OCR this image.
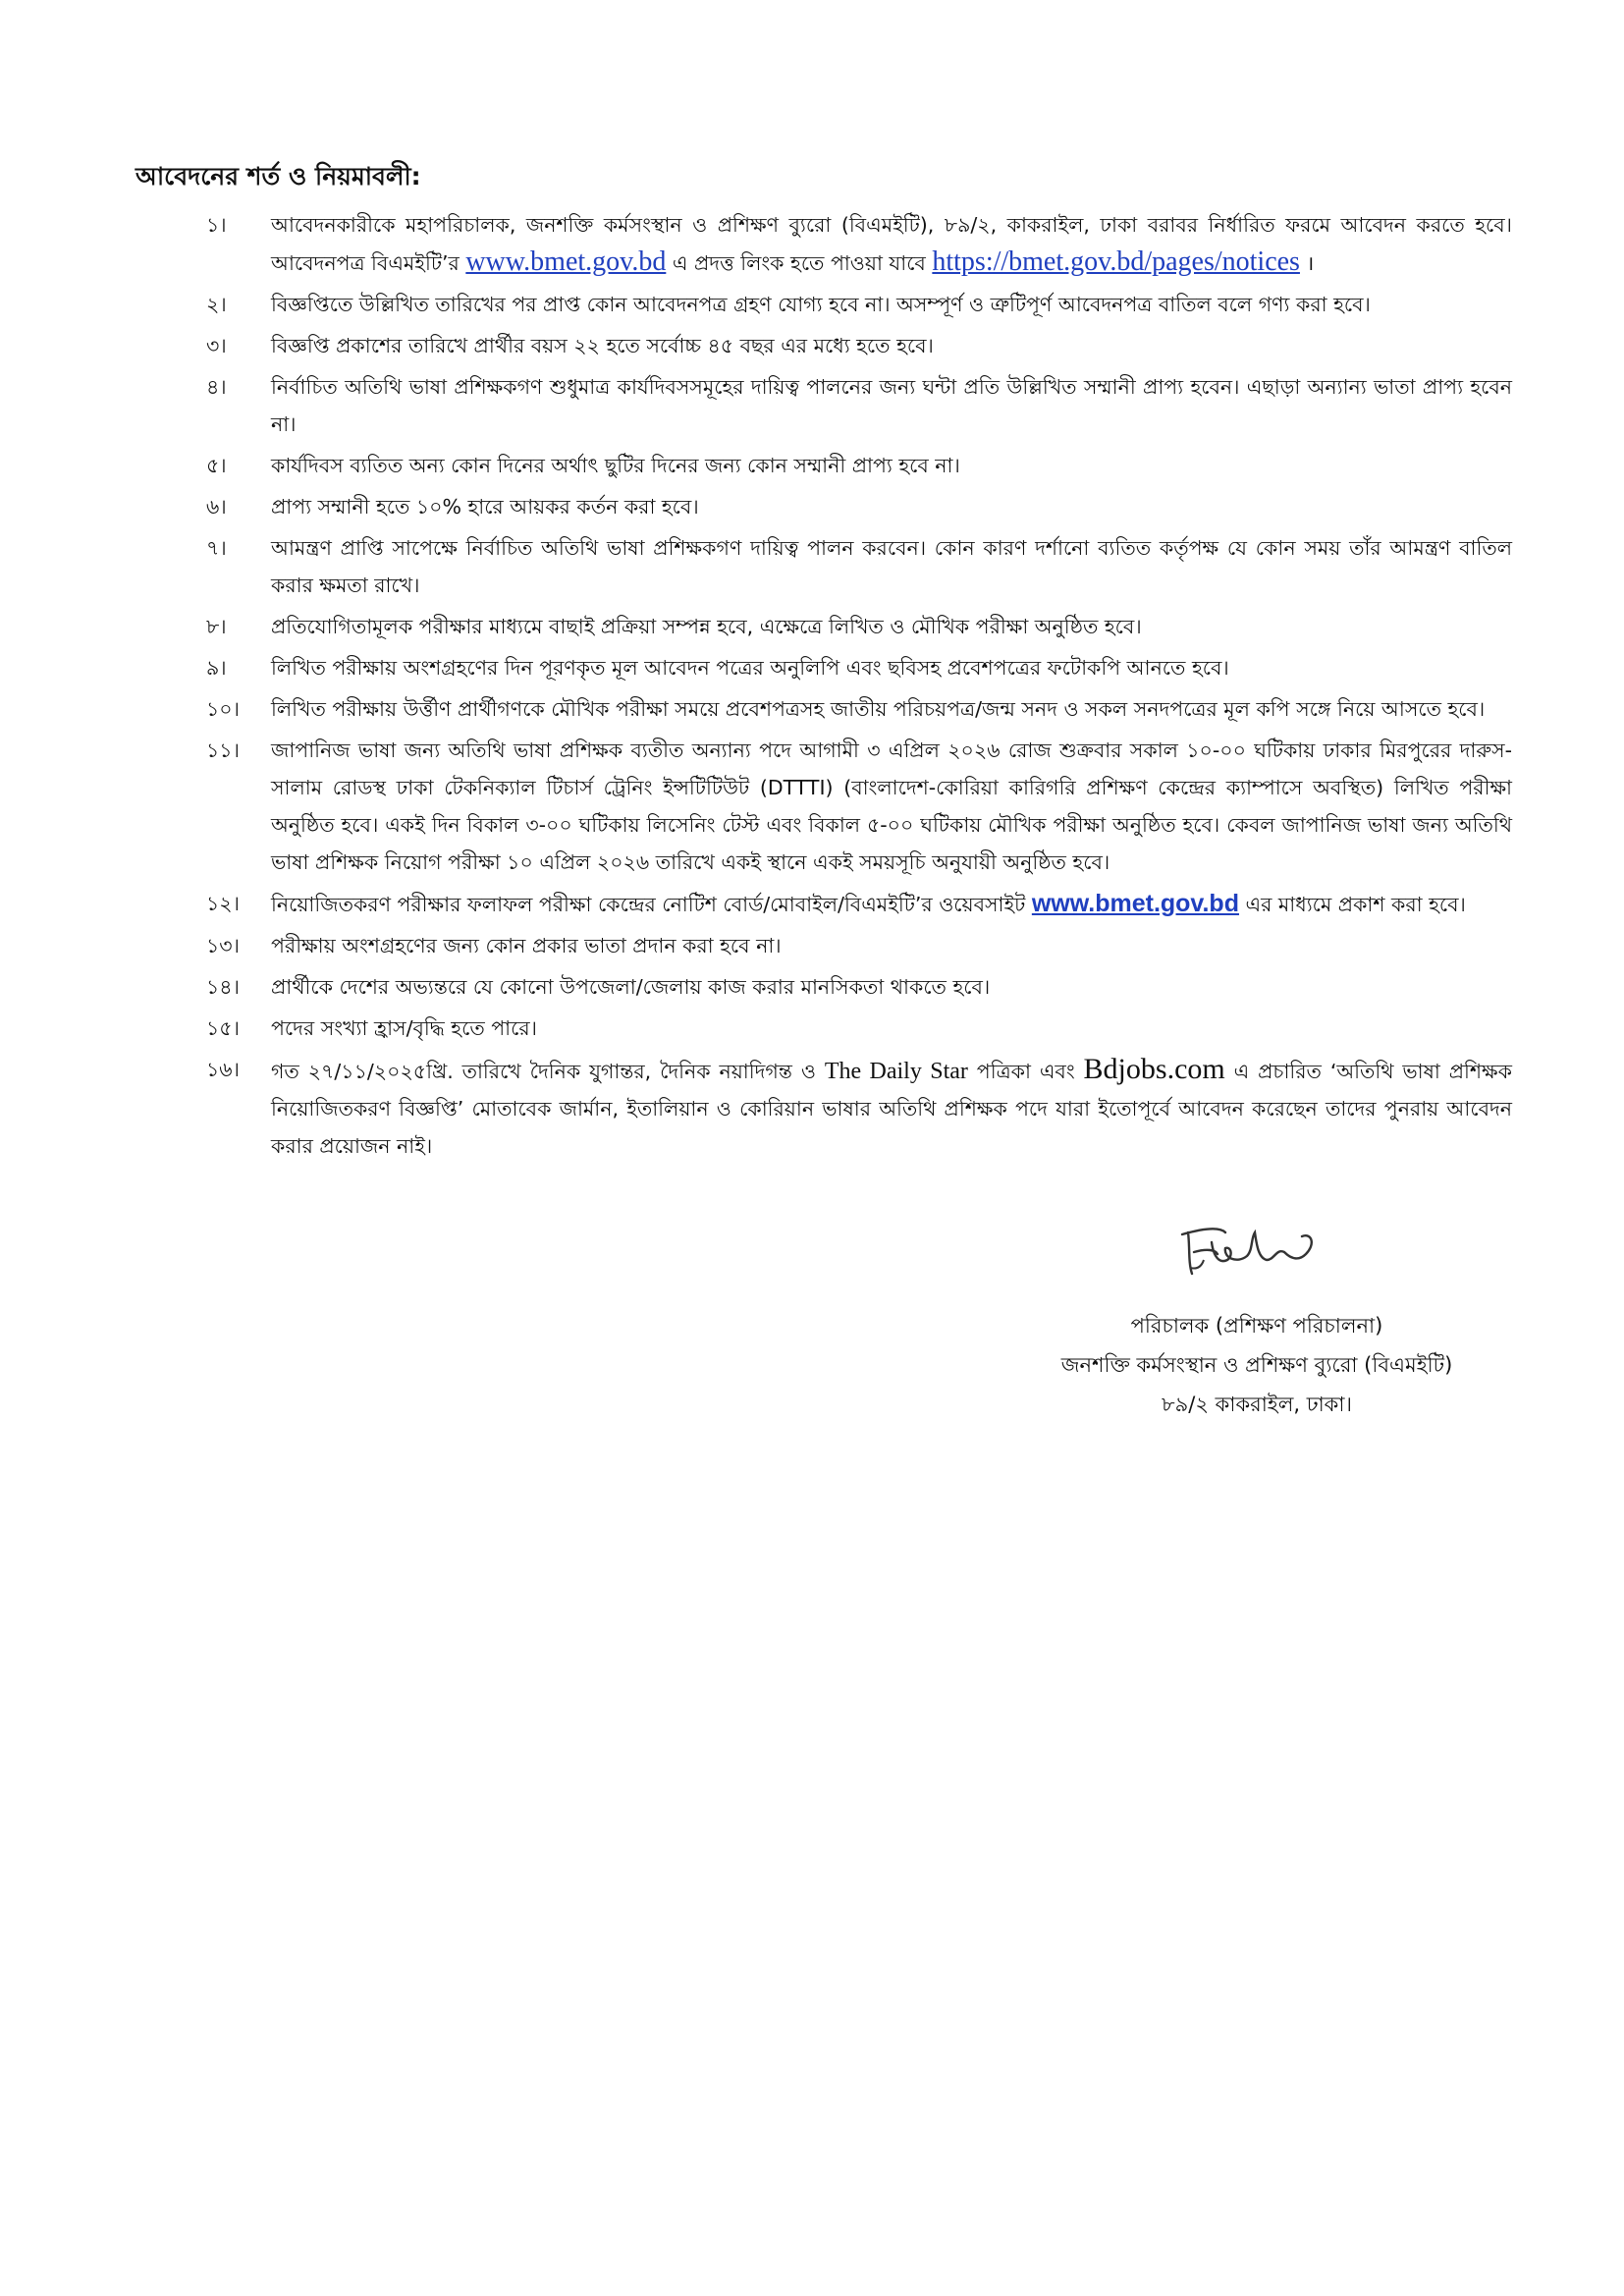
আবেদনের শর্ত ও নিয়মাবলী:
১।	আবেদনকারীকে মহাপরিচালক, জনশক্তি কর্মসংস্থান ও প্রশিক্ষণ ব্যুরো (বিএমইটি), ৮৯/২, কাকরাইল, ঢাকা বরাবর নির্ধারিত ফরমে আবেদন করতে হবে। আবেদনপত্র বিএমইটি’র www.bmet.gov.bd এ প্রদত্ত লিংক হতে পাওয়া যাবে https://bmet.gov.bd/pages/notices ।
২।	বিজ্ঞপ্তিতে উল্লিখিত তারিখের পর প্রাপ্ত কোন আবেদনপত্র গ্রহণ যোগ্য হবে না। অসম্পূর্ণ ও ত্রুটিপূর্ণ আবেদনপত্র বাতিল বলে গণ্য করা হবে।
৩।	বিজ্ঞপ্তি প্রকাশের তারিখে প্রার্থীর বয়স ২২ হতে সর্বোচ্চ ৪৫ বছর এর মধ্যে হতে হবে।
৪।	নির্বাচিত অতিথি ভাষা প্রশিক্ষকগণ শুধুমাত্র কার্যদিবসসমূহের দায়িত্ব পালনের জন্য ঘন্টা প্রতি উল্লিখিত সম্মানী প্রাপ্য হবেন। এছাড়া অন্যান্য ভাতা প্রাপ্য হবেন না।
৫।	কার্যদিবস ব্যতিত অন্য কোন দিনের অর্থাৎ ছুটির দিনের জন্য কোন সম্মানী প্রাপ্য হবে না।
৬।	প্রাপ্য সম্মানী হতে ১০% হারে আয়কর কর্তন করা হবে।
৭।	আমন্ত্রণ প্রাপ্তি সাপেক্ষে নির্বাচিত অতিথি ভাষা প্রশিক্ষকগণ দায়িত্ব পালন করবেন। কোন কারণ দর্শানো ব্যতিত কর্তৃপক্ষ যে কোন সময় তাঁর আমন্ত্রণ বাতিল করার ক্ষমতা রাখে।
৮।	প্রতিযোগিতামূলক পরীক্ষার মাধ্যমে বাছাই প্রক্রিয়া সম্পন্ন হবে, এক্ষেত্রে লিখিত ও মৌখিক পরীক্ষা অনুষ্ঠিত হবে।
৯।	লিখিত পরীক্ষায় অংশগ্রহণের দিন পূরণকৃত মূল আবেদন পত্রের অনুলিপি এবং ছবিসহ প্রবেশপত্রের ফটোকপি আনতে হবে।
১০।	লিখিত পরীক্ষায় উর্ত্তীণ প্রার্থীগণকে মৌখিক পরীক্ষা সময়ে প্রবেশপত্রসহ জাতীয় পরিচয়পত্র/জন্ম সনদ ও সকল সনদপত্রের মূল কপি সঙ্গে নিয়ে আসতে হবে।
১১।	জাপানিজ ভাষা জন্য অতিথি ভাষা প্রশিক্ষক ব্যতীত অন্যান্য পদে আগামী ৩ এপ্রিল ২০২৬ রোজ শুক্রবার সকাল ১০-০০ ঘটিকায় ঢাকার মিরপুরের দারুস-সালাম রোডস্থ ঢাকা টেকনিক্যাল টিচার্স ট্রেনিং ইন্সটিটিউট (DTTTI) (বাংলাদেশ-কোরিয়া কারিগরি প্রশিক্ষণ কেন্দ্রের ক্যাম্পাসে অবস্থিত) লিখিত পরীক্ষা অনুষ্ঠিত হবে। একই দিন বিকাল ৩-০০ ঘটিকায় লিসেনিং টেস্ট এবং বিকাল ৫-০০ ঘটিকায় মৌখিক পরীক্ষা অনুষ্ঠিত হবে। কেবল জাপানিজ ভাষা জন্য অতিথি ভাষা প্রশিক্ষক নিয়োগ পরীক্ষা ১০ এপ্রিল ২০২৬ তারিখে একই স্থানে একই সময়সূচি অনুযায়ী অনুষ্ঠিত হবে।
১২।	নিয়োজিতকরণ পরীক্ষার ফলাফল পরীক্ষা কেন্দ্রের নোটিশ বোর্ড/মোবাইল/বিএমইটি’র ওয়েবসাইট www.bmet.gov.bd এর মাধ্যমে প্রকাশ করা হবে।
১৩।	পরীক্ষায় অংশগ্রহণের জন্য কোন প্রকার ভাতা প্রদান করা হবে না।
১৪।	প্রার্থীকে দেশের অভ্যন্তরে যে কোনো উপজেলা/জেলায় কাজ করার মানসিকতা থাকতে হবে।
১৫।	পদের সংখ্যা হ্রাস/বৃদ্ধি হতে পারে।
১৬।	গত ২৭/১১/২০২৫খ্রি. তারিখে দৈনিক যুগান্তর, দৈনিক নয়াদিগন্ত ও The Daily Star পত্রিকা এবং Bdjobs.com এ প্রচারিত ‘অতিথি ভাষা প্রশিক্ষক নিয়োজিতকরণ বিজ্ঞপ্তি’ মোতাবেক জার্মান, ইতালিয়ান ও কোরিয়ান ভাষার অতিথি প্রশিক্ষক পদে যারা ইতোপূর্বে আবেদন করেছেন তাদের পুনরায় আবেদন করার প্রয়োজন নাই।
পরিচালক (প্রশিক্ষণ পরিচালনা)
জনশক্তি কর্মসংস্থান ও প্রশিক্ষণ ব্যুরো (বিএমইটি)
৮৯/২ কাকরাইল, ঢাকা।
